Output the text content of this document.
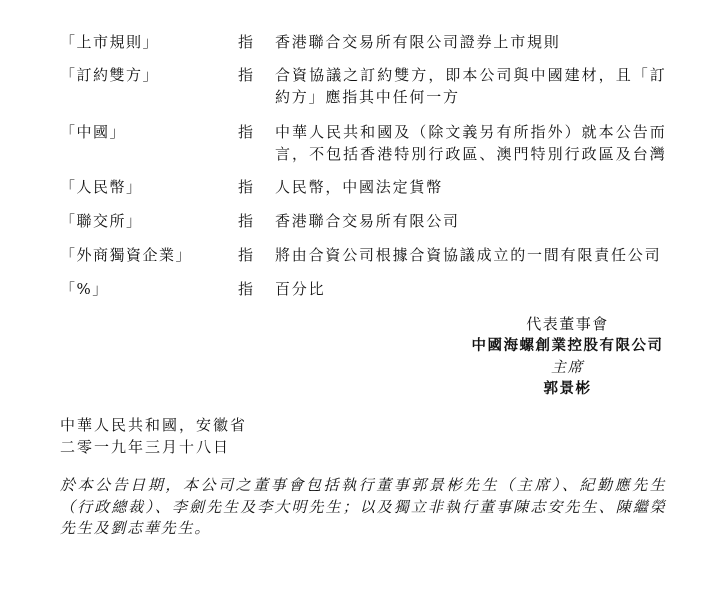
「上市規則」	指 香港聯合交易所有限公司證券上市規則
「訂約雙方」	指 合資協議之訂約雙方，即本公司與中國建材，且「訂
約方」應指其中任何一方
「中國」	指 中華人民共和國及（除文義另有所指外）就本公告而
言，不包括香港特別行政區、澳門特別行政區及台灣
「人民幣」	指 人民幣，中國法定貨幣
「聯交所」	指 香港聯合交易所有限公司
「外商獨資企業」	指 將由合資公司根據合資協議成立的一間有限責任公司
「%」	指 百分比
代表董事會
中國海螺創業控股有限公司
主席
郭景彬
中華人民共和國，安徽省
二零一九年三月十八日
於本公告日期，本公司之董事會包括執行董事郭景彬先生（主席）、紀勤應先生
（行政總裁）、李劍先生及李大明先生；以及獨立非執行董事陳志安先生、陳繼榮
先生及劉志華先生。
